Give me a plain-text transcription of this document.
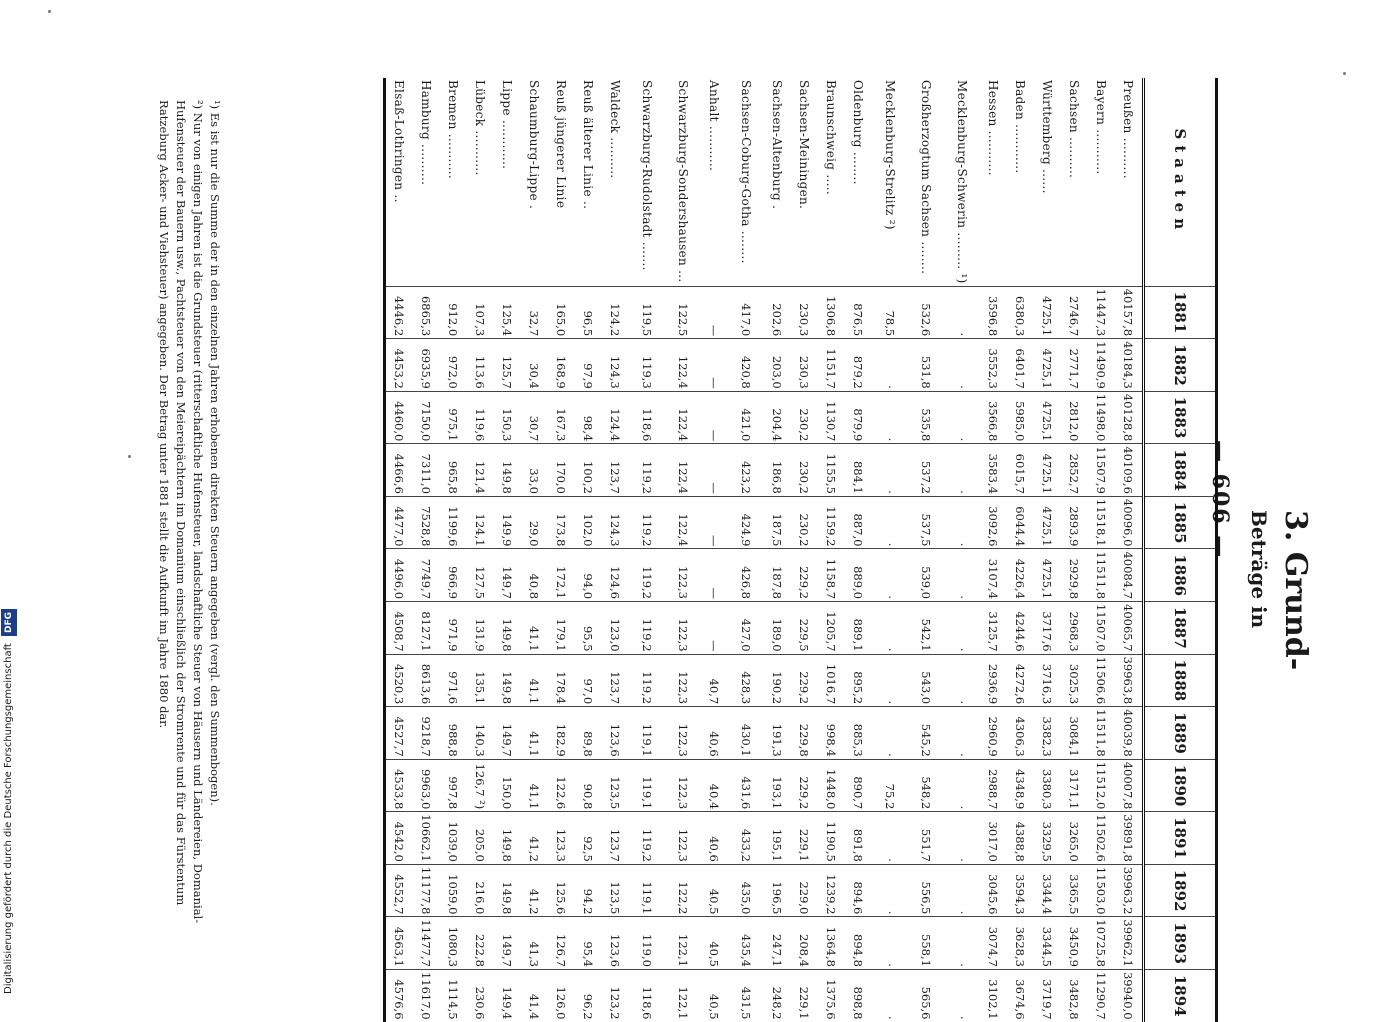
3. Grund-
Beträge in
— 606 —
Staaten	1881	1882	1883	1884	1885	1886	1887	1888	1889	1890	1891	1892	1893	1894
Preußen ..........	40157,8	40184,3	40128,8	40109,6	40096,0	40084,7	40065,7	39963,8	40039,8	40007,8	39891,8	39963,2	39962,1	39940,0
Bayern ...........	11447,3	11490,9	11498,0	11507,9	11518,1	11511,8	11507,0	11506,6	11511,8	11512,0	11502,6	11503,0	10725,8	11290,7
Sachsen ..........	2746,7	2771,7	2812,0	2852,7	2893,9	2929,8	2968,3	3025,3	3084,1	3171,1	3265,0	3365,5	3450,9	3482,8
Württemberg ......	4725,1	4725,1	4725,1	4725,1	4725,1	4725,1	3717,6	3716,3	3382,3	3380,3	3329,5	3344,4	3344,5	3719,7
Baden ............	6380,3	6401,7	5985,0	6015,7	6044,4	4226,4	4244,6	4272,6	4306,3	4348,9	4388,8	3594,3	3628,3	3674,6
Hessen ...........	3596,8	3552,3	3566,8	3583,4	3092,6	3107,4	3125,7	2936,9	2960,9	2988,7	3017,0	3045,6	3074,7	3102,1
Mecklenburg-Schwerin ......... ¹)	·	·	·	·	·	·	·	·	·	·	·	·	·	·
Großherzogtum Sachsen ........	532,6	531,8	535,8	537,2	537,5	539,0	542,1	543,0	545,2	548,2	551,7	556,5	558,1	565,6
Mecklenburg-Strelitz ²)	78,5	·	·	·	·	·	·	·	·	75,2	·	·	·	·
Oldenburg ........	876,5	879,2	879,9	884,1	887,0	889,0	889,1	895,2	885,3	890,7	891,8	894,6	894,8	898,8
Braunschweig .....	1306,8	1151,7	1130,7	1155,5	1159,2	1158,7	1205,7	1016,7	998,4	1448,0	1190,5	1239,2	1364,8	1375,6
Sachsen-Meiningen.	230,3	230,3	230,2	230,2	230,2	229,2	229,5	229,2	229,8	229,2	229,1	229,0	208,4	229,1
Sachsen-Altenburg .	202,6	203,0	204,4	186,8	187,5	187,8	189,0	190,2	191,3	193,1	195,1	196,5	247,1	248,2
Sachsen-Coburg-Gotha ........	417,0	420,8	421,0	423,2	424,9	426,8	427,0	428,3	430,1	431,6	433,2	435,0	435,4	431,5
Anhalt ...........	—	—	—	—	—	—	—	40,7	40,6	40,4	40,6	40,5	40,5	40,5
Schwarzburg-Sondershausen ...	122,5	122,4	122,4	122,4	122,4	122,3	122,3	122,3	122,3	122,3	122,3	122,2	122,1	122,1
Schwarzburg-Rudolstadt .......	119,5	119,3	118,6	119,2	119,2	119,2	119,2	119,2	119,1	119,1	119,2	119,1	119,0	118,6
Waldeck ..........	124,2	124,3	124,4	123,7	124,3	124,6	123,0	123,7	123,6	123,5	123,7	123,5	123,6	123,2
Reuß älterer Linie ..	96,5	97,9	98,4	100,2	102,0	94,0	95,5	97,0	89,8	90,8	92,5	94,2	95,4	96,2
Reuß jüngerer Linie	165,0	168,9	167,3	170,0	173,8	172,1	179,1	178,4	182,9	122,6	123,3	125,6	126,7	126,0
Schaumburg-Lippe .	32,7	30,4	30,7	33,0	29,0	40,8	41,1	41,1	41,1	41,1	41,2	41,2	41,3	41,4
Lippe ............	125,4	125,7	150,3	149,8	149,9	149,7	149,8	149,8	149,7	150,0	149,8	149,8	149,7	149,4
Lübeck ...........	107,3	113,6	119,6	121,4	124,1	127,5	131,9	135,1	140,3	126,7 ²)	205,0	216,0	222,8	230,6
Bremen ...........	912,0	972,0	975,1	965,8	1199,6	966,9	971,9	971,6	988,8	997,8	1039,0	1059,0	1080,3	1114,5
Hamburg ..........	6865,3	6935,9	7150,0	7311,0	7528,8	7749,7	8127,1	8613,6	9218,7	9963,0	10662,1	11177,8	11477,7	11617,0
Elsaß-Lothringen ..	4446,2	4453,2	4460,0	4466,6	4477,0	4496,0	4508,7	4520,3	4527,7	4533,8	4542,0	4552,7	4563,1	4576,6

¹) Es ist nur die Summe der in den einzelnen Jahren erhobenen direkten Steuern angegeben (vergl. den Summenbogen).

²) Nur von einigen Jahren ist die Grundsteuer (ritterschaftliche Hufensteuer, landschaftliche Steuer von Häusern und Ländereien, Domanial-Hufensteuer der Bauern usw., Pachtsteuer von den Meiereipächtern im Domanium einschließlich der Stromrente und für das Fürstentum Ratzeburg Acker- und Viehsteuer) angegeben. Der Betrag unter 1881 stellt die Aufkunft im Jahre 1880 dar.

Digitalisierung gefördert durch die Deutsche Forschungsgemeinschaft DFG
